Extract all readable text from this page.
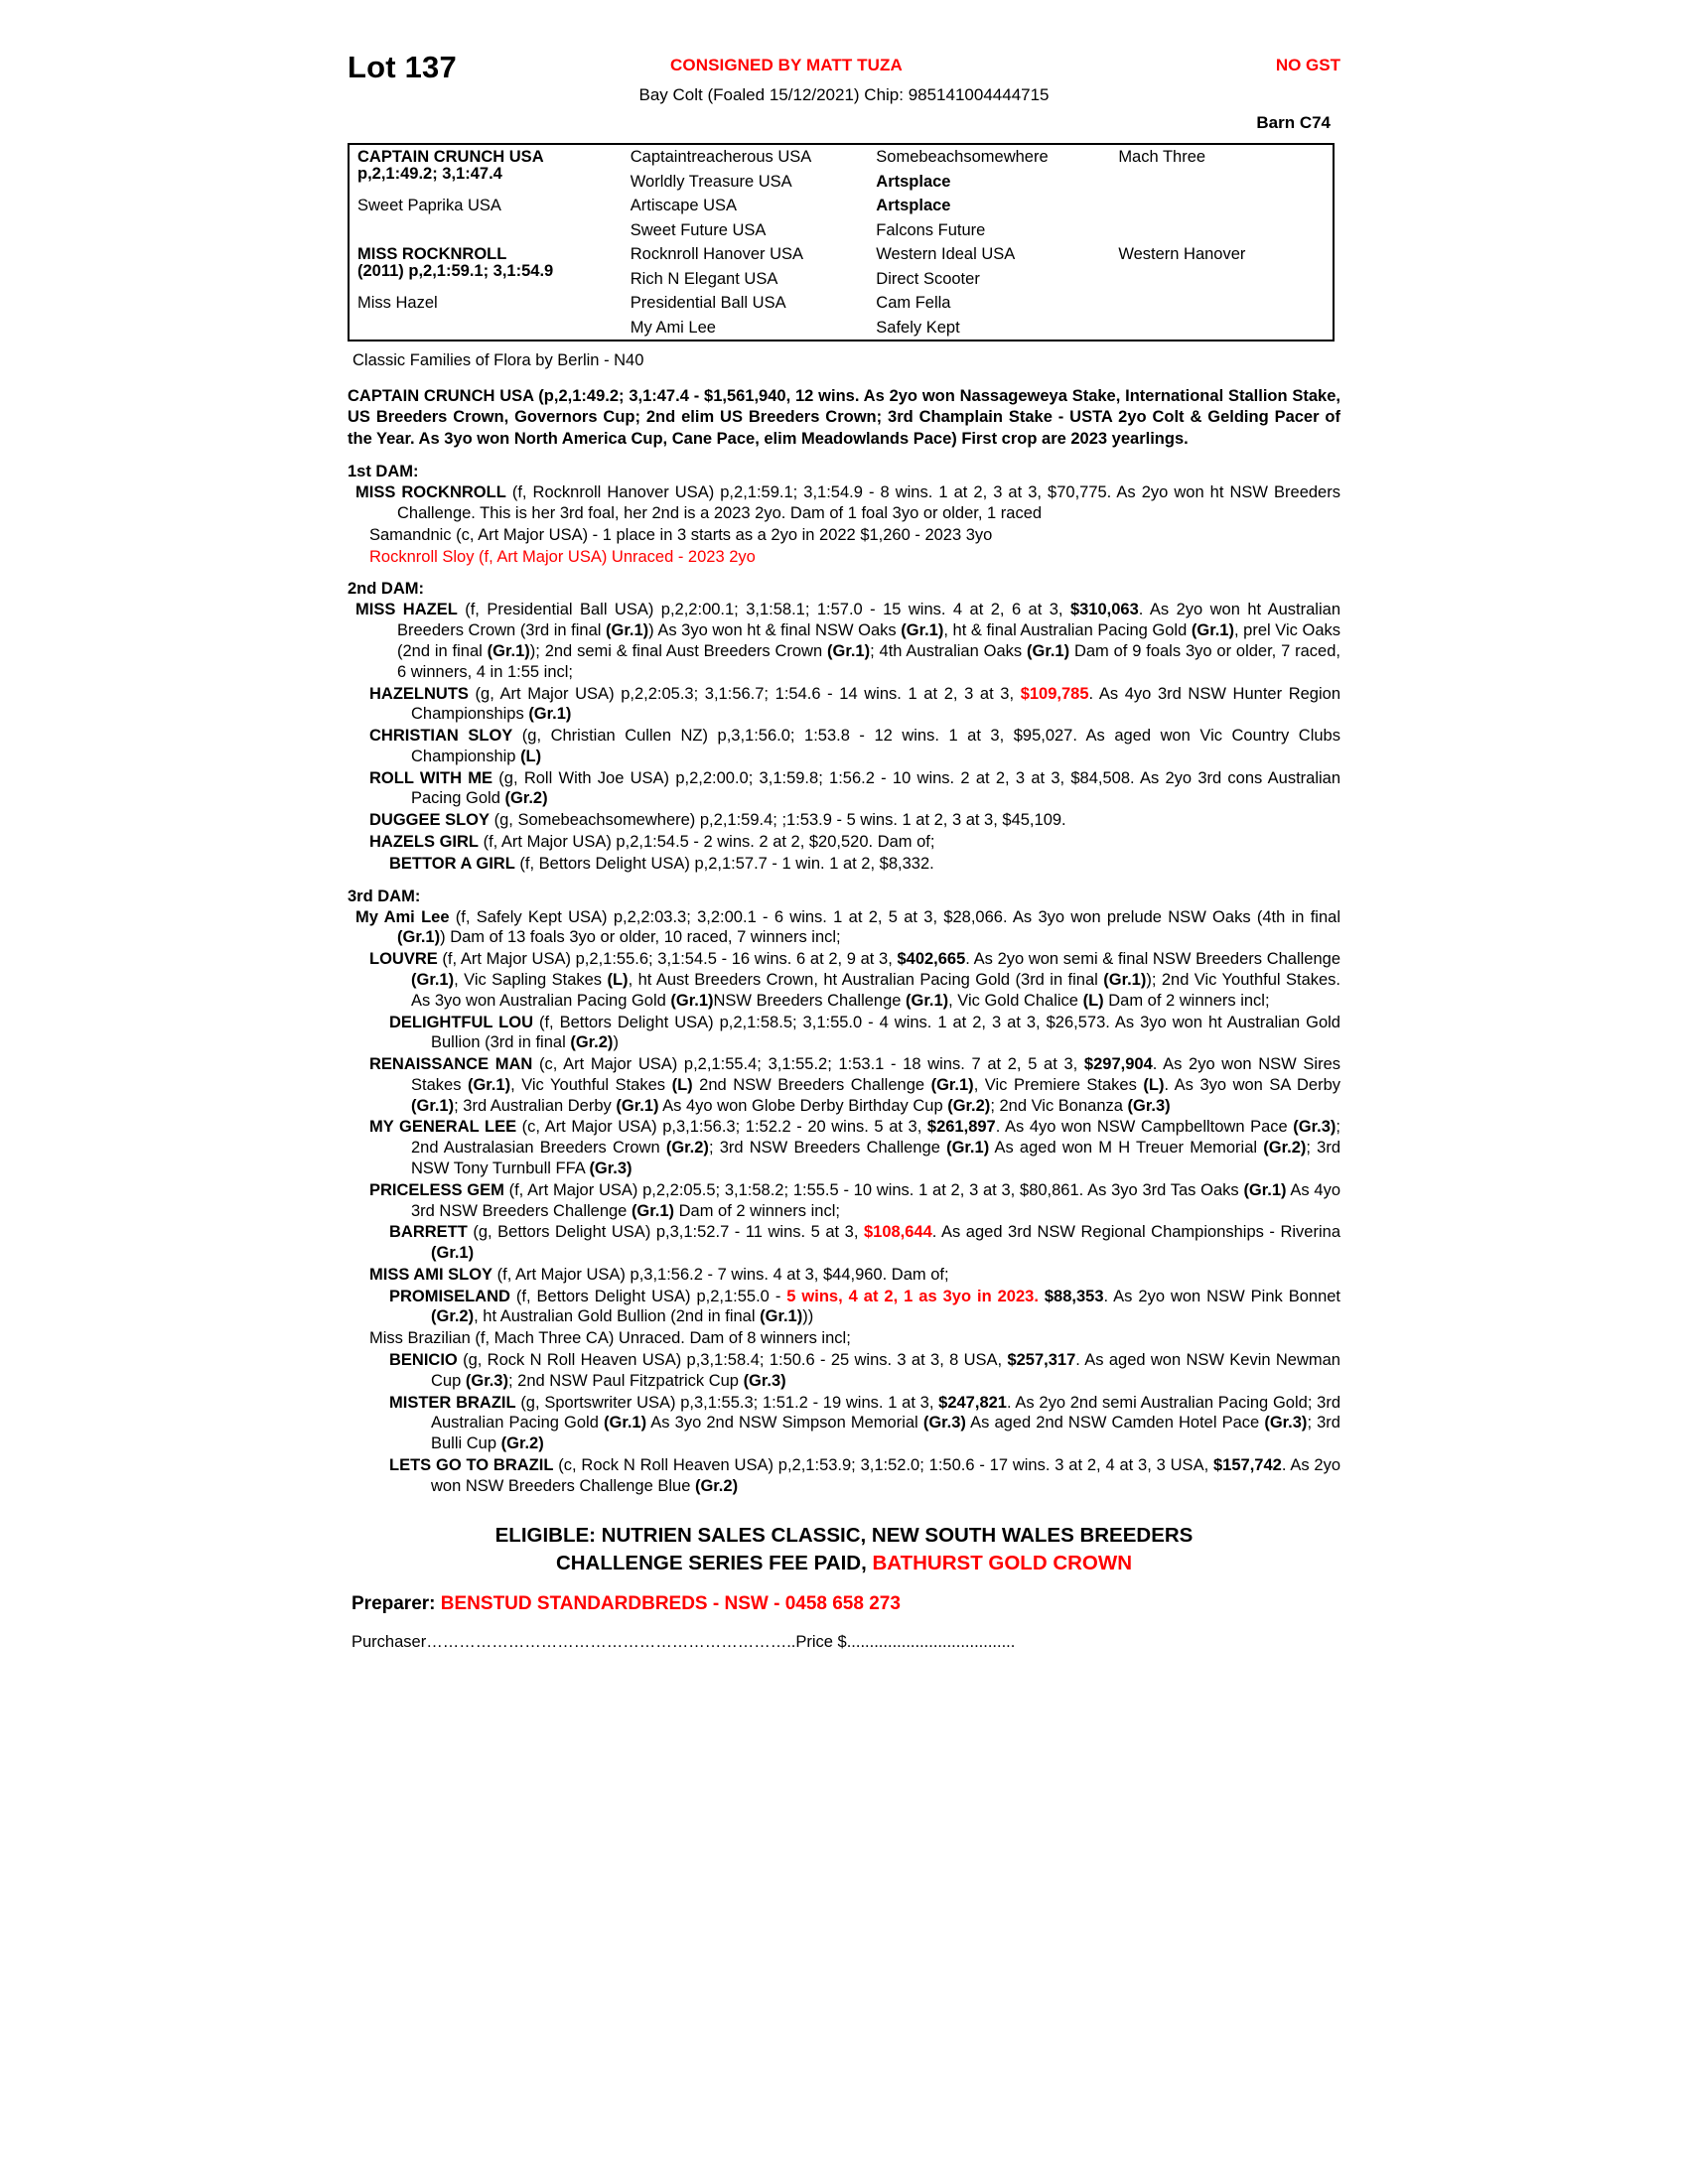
Lot 137	CONSIGNED BY MATT TUZA	NO GST
Bay Colt (Foaled 15/12/2021) Chip: 985141004444715
Barn C74
CAPTAIN CRUNCH USA
p,2,1:49.2; 3,1:47.4	Captaintreacherous USA	Somebeachsomewhere	Mach Three
	Worldly Treasure USA	Artsplace	
Sweet Paprika USA	Artiscape USA	Artsplace	
	Sweet Future USA	Falcons Future	

MISS ROCKNROLL
(2011) p,2,1:59.1; 3,1:54.9	Rocknroll Hanover USA	Western Ideal USA	Western Hanover
	Rich N Elegant USA	Direct Scooter	
Miss Hazel	Presidential Ball USA	Cam Fella	
	My Ami Lee	Safely Kept	
Classic Families of Flora by Berlin - N40
CAPTAIN CRUNCH USA (p,2,1:49.2; 3,1:47.4 - $1,561,940, 12 wins. As 2yo won Nassageweya Stake, International Stallion Stake, US Breeders Crown, Governors Cup; 2nd elim US Breeders Crown; 3rd Champlain Stake - USTA 2yo Colt & Gelding Pacer of the Year. As 3yo won North America Cup, Cane Pace, elim Meadowlands Pace) First crop are 2023 yearlings.
1st DAM:
MISS ROCKNROLL (f, Rocknroll Hanover USA) p,2,1:59.1; 3,1:54.9 - 8 wins. 1 at 2, 3 at 3, $70,775. As 2yo won ht NSW Breeders Challenge. This is her 3rd foal, her 2nd is a 2023 2yo. Dam of 1 foal 3yo or older, 1 raced
Samandnic (c, Art Major USA) - 1 place in 3 starts as a 2yo in 2022 $1,260 - 2023 3yo
Rocknroll Sloy (f, Art Major USA) Unraced - 2023 2yo
2nd DAM:
MISS HAZEL (f, Presidential Ball USA) p,2,2:00.1; 3,1:58.1; 1:57.0 - 15 wins. 4 at 2, 6 at 3, $310,063. As 2yo won ht Australian Breeders Crown (3rd in final (Gr.1)) As 3yo won ht & final NSW Oaks (Gr.1), ht & final Australian Pacing Gold (Gr.1), prel Vic Oaks (2nd in final (Gr.1)); 2nd semi & final Aust Breeders Crown (Gr.1); 4th Australian Oaks (Gr.1) Dam of 9 foals 3yo or older, 7 raced, 6 winners, 4 in 1:55 incl;
HAZELNUTS (g, Art Major USA) p,2,2:05.3; 3,1:56.7; 1:54.6 - 14 wins. 1 at 2, 3 at 3, $109,785. As 4yo 3rd NSW Hunter Region Championships (Gr.1)
CHRISTIAN SLOY (g, Christian Cullen NZ) p,3,1:56.0; 1:53.8 - 12 wins. 1 at 3, $95,027. As aged won Vic Country Clubs Championship (L)
ROLL WITH ME (g, Roll With Joe USA) p,2,2:00.0; 3,1:59.8; 1:56.2 - 10 wins. 2 at 2, 3 at 3, $84,508. As 2yo 3rd cons Australian Pacing Gold (Gr.2)
DUGGEE SLOY (g, Somebeachsomewhere) p,2,1:59.4; ;1:53.9 - 5 wins. 1 at 2, 3 at 3, $45,109.
HAZELS GIRL (f, Art Major USA) p,2,1:54.5 - 2 wins. 2 at 2, $20,520. Dam of;
BETTOR A GIRL (f, Bettors Delight USA) p,2,1:57.7 - 1 win. 1 at 2, $8,332.
3rd DAM:
My Ami Lee (f, Safely Kept USA) p,2,2:03.3; 3,2:00.1 - 6 wins. 1 at 2, 5 at 3, $28,066. As 3yo won prelude NSW Oaks (4th in final (Gr.1)) Dam of 13 foals 3yo or older, 10 raced, 7 winners incl;
LOUVRE (f, Art Major USA) p,2,1:55.6; 3,1:54.5 - 16 wins. 6 at 2, 9 at 3, $402,665. As 2yo won semi & final NSW Breeders Challenge (Gr.1), Vic Sapling Stakes (L), ht Aust Breeders Crown, ht Australian Pacing Gold (3rd in final (Gr.1)); 2nd Vic Youthful Stakes. As 3yo won Australian Pacing Gold (Gr.1)NSW Breeders Challenge (Gr.1), Vic Gold Chalice (L) Dam of 2 winners incl;
DELIGHTFUL LOU (f, Bettors Delight USA) p,2,1:58.5; 3,1:55.0 - 4 wins. 1 at 2, 3 at 3, $26,573. As 3yo won ht Australian Gold Bullion (3rd in final (Gr.2))
RENAISSANCE MAN (c, Art Major USA) p,2,1:55.4; 3,1:55.2; 1:53.1 - 18 wins. 7 at 2, 5 at 3, $297,904. As 2yo won NSW Sires Stakes (Gr.1), Vic Youthful Stakes (L) 2nd NSW Breeders Challenge (Gr.1), Vic Premiere Stakes (L). As 3yo won SA Derby (Gr.1); 3rd Australian Derby (Gr.1) As 4yo won Globe Derby Birthday Cup (Gr.2); 2nd Vic Bonanza (Gr.3)
MY GENERAL LEE (c, Art Major USA) p,3,1:56.3; 1:52.2 - 20 wins. 5 at 3, $261,897. As 4yo won NSW Campbelltown Pace (Gr.3); 2nd Australasian Breeders Crown (Gr.2); 3rd NSW Breeders Challenge (Gr.1) As aged won M H Treuer Memorial (Gr.2); 3rd NSW Tony Turnbull FFA (Gr.3)
PRICELESS GEM (f, Art Major USA) p,2,2:05.5; 3,1:58.2; 1:55.5 - 10 wins. 1 at 2, 3 at 3, $80,861. As 3yo 3rd Tas Oaks (Gr.1) As 4yo 3rd NSW Breeders Challenge (Gr.1) Dam of 2 winners incl;
BARRETT (g, Bettors Delight USA) p,3,1:52.7 - 11 wins. 5 at 3, $108,644. As aged 3rd NSW Regional Championships - Riverina (Gr.1)
MISS AMI SLOY (f, Art Major USA) p,3,1:56.2 - 7 wins. 4 at 3, $44,960. Dam of;
PROMISELAND (f, Bettors Delight USA) p,2,1:55.0 - 5 wins, 4 at 2, 1 as 3yo in 2023. $88,353. As 2yo won NSW Pink Bonnet (Gr.2), ht Australian Gold Bullion (2nd in final (Gr.1)))
Miss Brazilian (f, Mach Three CA) Unraced. Dam of 8 winners incl;
BENICIO (g, Rock N Roll Heaven USA) p,3,1:58.4; 1:50.6 - 25 wins. 3 at 3, 8 USA, $257,317. As aged won NSW Kevin Newman Cup (Gr.3); 2nd NSW Paul Fitzpatrick Cup (Gr.3)
MISTER BRAZIL (g, Sportswriter USA) p,3,1:55.3; 1:51.2 - 19 wins. 1 at 3, $247,821. As 2yo 2nd semi Australian Pacing Gold; 3rd Australian Pacing Gold (Gr.1) As 3yo 2nd NSW Simpson Memorial (Gr.3) As aged 2nd NSW Camden Hotel Pace (Gr.3); 3rd Bulli Cup (Gr.2)
LETS GO TO BRAZIL (c, Rock N Roll Heaven USA) p,2,1:53.9; 3,1:52.0; 1:50.6 - 17 wins. 3 at 2, 4 at 3, 3 USA, $157,742. As 2yo won NSW Breeders Challenge Blue (Gr.2)
ELIGIBLE: NUTRIEN SALES CLASSIC, NEW SOUTH WALES BREEDERS
CHALLENGE SERIES FEE PAID, BATHURST GOLD CROWN
Preparer: BENSTUD STANDARDBREDS - NSW - 0458 658 273
Purchaser…………………………………………………………..Price $.....................................
